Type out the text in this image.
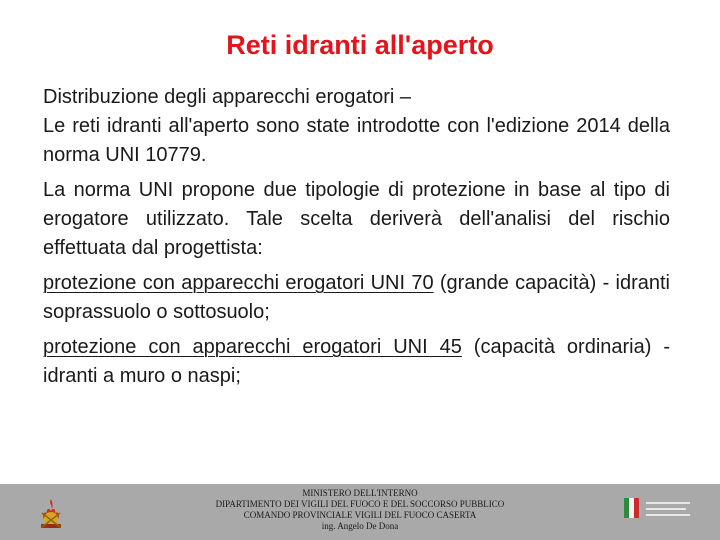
Reti idranti all'aperto

Distribuzione degli apparecchi erogatori –

Le reti idranti all'aperto sono state introdotte con l'edizione 2014 della norma UNI 10779.

La norma UNI propone due tipologie di protezione in base al tipo di erogatore utilizzato. Tale scelta deriverà dell'analisi del rischio effettuata dal progettista:

protezione con apparecchi erogatori UNI 70 (grande capacità) - idranti soprassuolo o sottosuolo;

protezione con apparecchi erogatori UNI 45 (capacità ordinaria) - idranti a muro o naspi;

MINISTERO DELL'INTERNO
DIPARTIMENTO DEI VIGILI DEL FUOCO E DEL SOCCORSO PUBBLICO
COMANDO PROVINCIALE VIGILI DEL FUOCO CASERTA
ing. Angelo De Dona
